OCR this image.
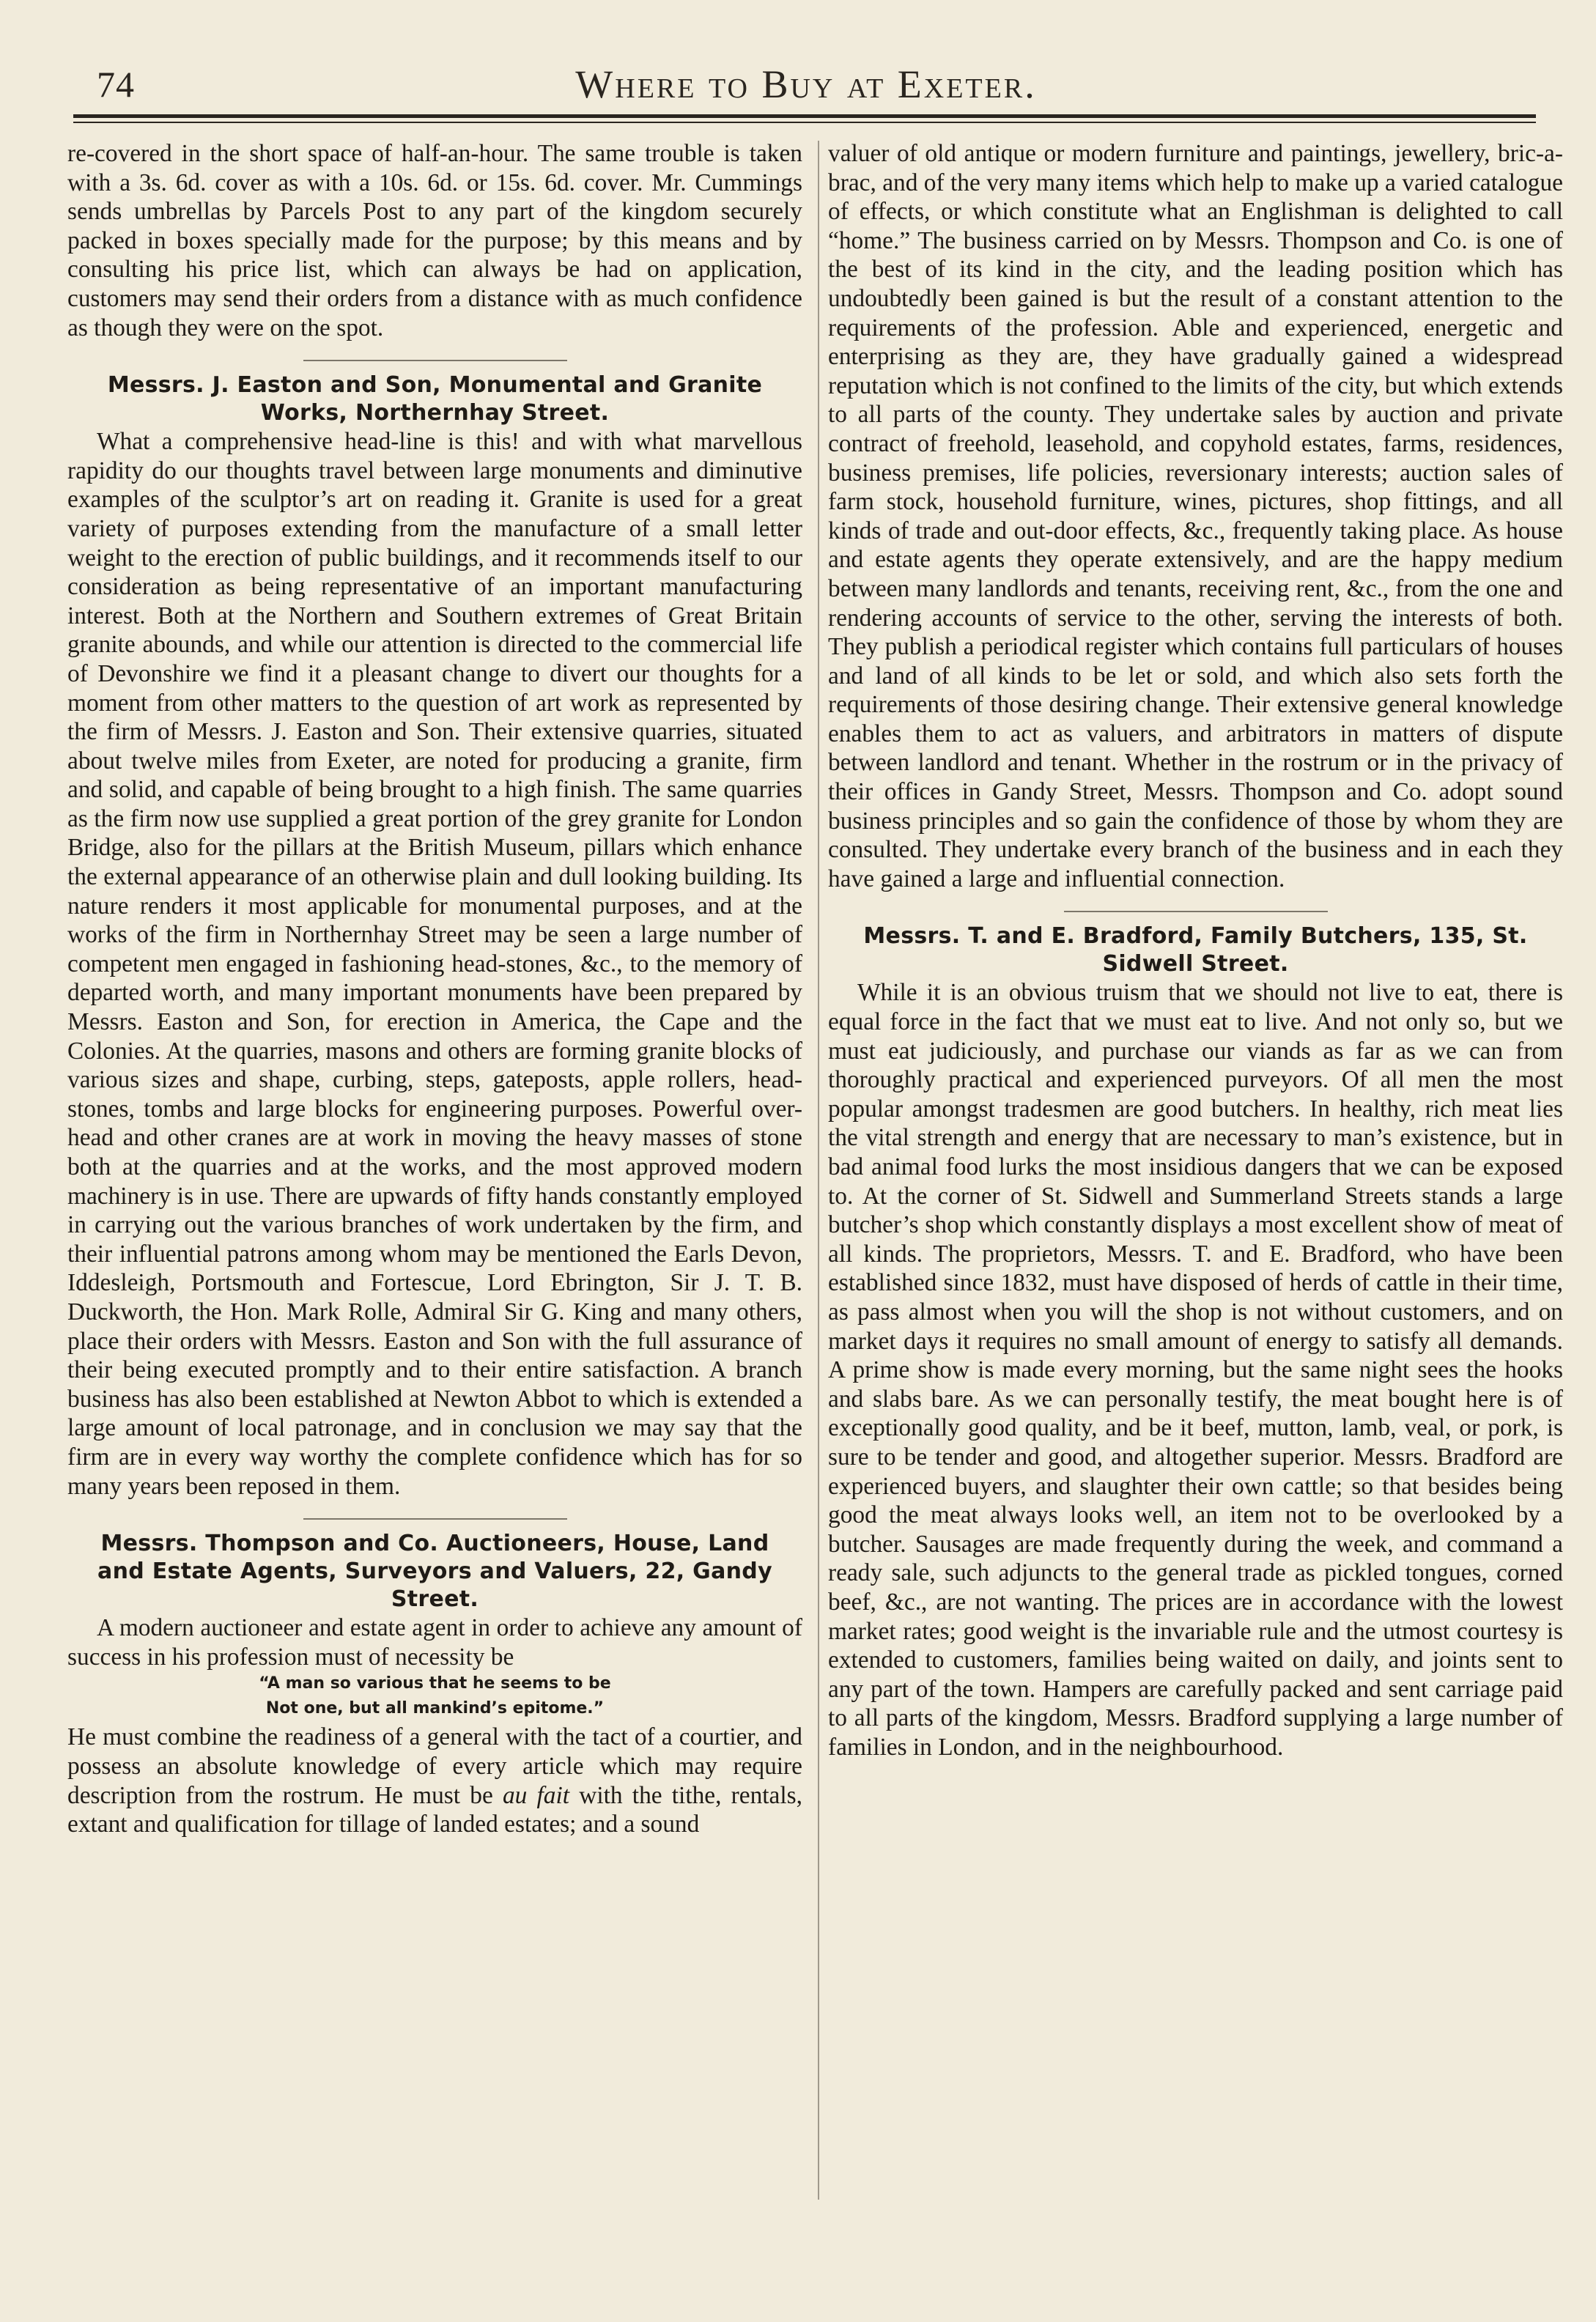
74	Where to Buy at Exeter.

re-covered in the short space of half-an-hour. The same trouble is taken with a 3s. 6d. cover as with a 10s. 6d. or 15s. 6d. cover. Mr. Cummings sends umbrellas by Parcels Post to any part of the kingdom securely packed in boxes specially made for the purpose; by this means and by consulting his price list, which can always be had on application, customers may send their orders from a distance with as much confidence as though they were on the spot.

Messrs. J. Easton and Son, Monumental and Granite Works, Northernhay Street.

What a comprehensive head-line is this! and with what marvellous rapidity do our thoughts travel between large monuments and diminutive examples of the sculptor’s art on reading it. Granite is used for a great variety of purposes extending from the manufacture of a small letter weight to the erection of public buildings, and it recommends itself to our consideration as being representative of an important manufacturing interest. Both at the Northern and Southern extremes of Great Britain granite abounds, and while our attention is directed to the commercial life of Devonshire we find it a pleasant change to divert our thoughts for a moment from other matters to the question of art work as represented by the firm of Messrs. J. Easton and Son. Their extensive quarries, situated about twelve miles from Exeter, are noted for producing a granite, firm and solid, and capable of being brought to a high finish. The same quarries as the firm now use supplied a great portion of the grey granite for London Bridge, also for the pillars at the British Museum, pillars which enhance the external appearance of an otherwise plain and dull looking building. Its nature renders it most applicable for monumental purposes, and at the works of the firm in Northernhay Street may be seen a large number of competent men engaged in fashioning head-stones, &c., to the memory of departed worth, and many important monuments have been prepared by Messrs. Easton and Son, for erection in America, the Cape and the Colonies. At the quarries, masons and others are forming granite blocks of various sizes and shape, curbing, steps, gateposts, apple rollers, head-stones, tombs and large blocks for engineering purposes. Powerful over-head and other cranes are at work in moving the heavy masses of stone both at the quarries and at the works, and the most approved modern machinery is in use. There are upwards of fifty hands constantly employed in carrying out the various branches of work undertaken by the firm, and their influential patrons among whom may be mentioned the Earls Devon, Iddesleigh, Portsmouth and Fortescue, Lord Ebrington, Sir J. T. B. Duckworth, the Hon. Mark Rolle, Admiral Sir G. King and many others, place their orders with Messrs. Easton and Son with the full assurance of their being executed promptly and to their entire satisfaction. A branch business has also been established at Newton Abbot to which is extended a large amount of local patronage, and in conclusion we may say that the firm are in every way worthy the complete confidence which has for so many years been reposed in them.

Messrs. Thompson and Co. Auctioneers, House, Land and Estate Agents, Surveyors and Valuers, 22, Gandy Street.

A modern auctioneer and estate agent in order to achieve any amount of success in his profession must of necessity be

“A man so various that he seems to be
Not one, but all mankind’s epitome.”

He must combine the readiness of a general with the tact of a courtier, and possess an absolute knowledge of every article which may require description from the rostrum. He must be au fait with the tithe, rentals, extant and qualification for tillage of landed estates; and a sound

valuer of old antique or modern furniture and paintings, jewellery, bric-a-brac, and of the very many items which help to make up a varied catalogue of effects, or which constitute what an Englishman is delighted to call “home.” The business carried on by Messrs. Thompson and Co. is one of the best of its kind in the city, and the leading position which has undoubtedly been gained is but the result of a constant attention to the requirements of the profession. Able and experienced, energetic and enterprising as they are, they have gradually gained a widespread reputation which is not confined to the limits of the city, but which extends to all parts of the county. They undertake sales by auction and private contract of freehold, leasehold, and copyhold estates, farms, residences, business premises, life policies, reversionary interests; auction sales of farm stock, household furniture, wines, pictures, shop fittings, and all kinds of trade and out-door effects, &c., frequently taking place. As house and estate agents they operate extensively, and are the happy medium between many landlords and tenants, receiving rent, &c., from the one and rendering accounts of service to the other, serving the interests of both. They publish a periodical register which contains full particulars of houses and land of all kinds to be let or sold, and which also sets forth the requirements of those desiring change. Their extensive general knowledge enables them to act as valuers, and arbitrators in matters of dispute between landlord and tenant. Whether in the rostrum or in the privacy of their offices in Gandy Street, Messrs. Thompson and Co. adopt sound business principles and so gain the confidence of those by whom they are consulted. They undertake every branch of the business and in each they have gained a large and influential connection.

Messrs. T. and E. Bradford, Family Butchers, 135, St. Sidwell Street.

While it is an obvious truism that we should not live to eat, there is equal force in the fact that we must eat to live. And not only so, but we must eat judiciously, and purchase our viands as far as we can from thoroughly practical and experienced purveyors. Of all men the most popular amongst tradesmen are good butchers. In healthy, rich meat lies the vital strength and energy that are necessary to man’s existence, but in bad animal food lurks the most insidious dangers that we can be exposed to. At the corner of St. Sidwell and Summerland Streets stands a large butcher’s shop which constantly displays a most excellent show of meat of all kinds. The proprietors, Messrs. T. and E. Bradford, who have been established since 1832, must have disposed of herds of cattle in their time, as pass almost when you will the shop is not without customers, and on market days it requires no small amount of energy to satisfy all demands. A prime show is made every morning, but the same night sees the hooks and slabs bare. As we can personally testify, the meat bought here is of exceptionally good quality, and be it beef, mutton, lamb, veal, or pork, is sure to be tender and good, and altogether superior. Messrs. Bradford are experienced buyers, and slaughter their own cattle; so that besides being good the meat always looks well, an item not to be overlooked by a butcher. Sausages are made frequently during the week, and command a ready sale, such adjuncts to the general trade as pickled tongues, corned beef, &c., are not wanting. The prices are in accordance with the lowest market rates; good weight is the invariable rule and the utmost courtesy is extended to customers, families being waited on daily, and joints sent to any part of the town. Hampers are carefully packed and sent carriage paid to all parts of the kingdom, Messrs. Bradford supplying a large number of families in London, and in the neighbourhood.
